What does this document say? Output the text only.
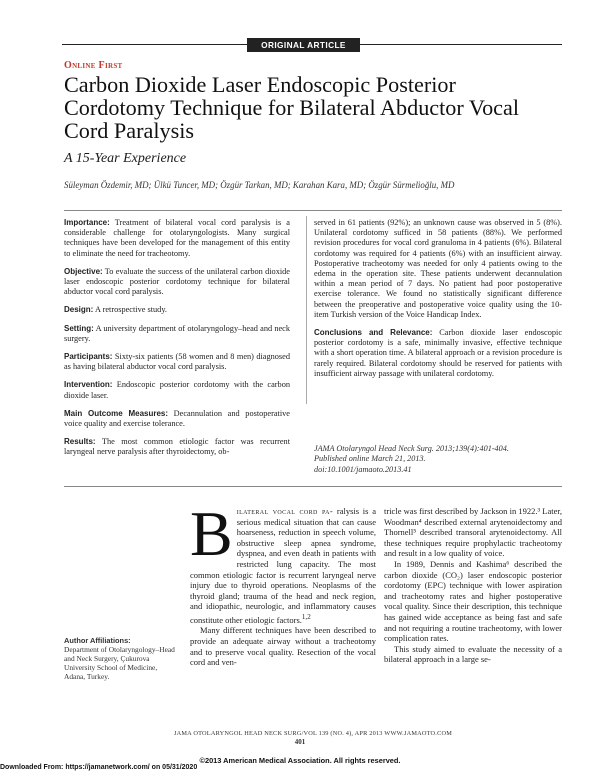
ORIGINAL ARTICLE
Online First
Carbon Dioxide Laser Endoscopic Posterior Cordotomy Technique for Bilateral Abductor Vocal Cord Paralysis
A 15-Year Experience
Süleyman Özdemir, MD; Ülkü Tuncer, MD; Özgür Tarkan, MD; Karahan Kara, MD; Özgür Sürmelioğlu, MD

Importance: Treatment of bilateral vocal cord paralysis is a considerable challenge for otolaryngologists. Many surgical techniques have been developed for the management of this entity to eliminate the need for tracheotomy.

Objective: To evaluate the success of the unilateral carbon dioxide laser endoscopic posterior cordotomy technique for bilateral abductor vocal cord paralysis.

Design: A retrospective study.

Setting: A university department of otolaryngology–head and neck surgery.

Participants: Sixty-six patients (58 women and 8 men) diagnosed as having bilateral abductor vocal cord paralysis.

Intervention: Endoscopic posterior cordotomy with the carbon dioxide laser.

Main Outcome Measures: Decannulation and postoperative voice quality and exercise tolerance.

Results: The most common etiologic factor was recurrent laryngeal nerve paralysis after thyroidectomy, ob-

served in 61 patients (92%); an unknown cause was observed in 5 (8%). Unilateral cordotomy sufficed in 58 patients (88%). We performed revision procedures for vocal cord granuloma in 4 patients (6%). Bilateral cordotomy was required for 4 patients (6%) with an insufficient airway. Postoperative tracheotomy was needed for only 4 patients owing to the edema in the operation site. These patients underwent decannulation within a mean period of 7 days. No patient had poor postoperative exercise tolerance. We found no statistically significant difference between the preoperative and postoperative voice quality using the 10-item Turkish version of the Voice Handicap Index.

Conclusions and Relevance: Carbon dioxide laser endoscopic posterior cordotomy is a safe, minimally invasive, effective technique with a short operation time. A bilateral approach or a revision procedure is rarely required. Bilateral cordotomy should be reserved for patients with insufficient airway passage with unilateral cordotomy.

JAMA Otolaryngol Head Neck Surg. 2013;139(4):401-404.
Published online March 21, 2013.
doi:10.1001/jamaoto.2013.41
Author Affiliations:
Department of Otolaryngology–Head and Neck Surgery, Çukurova University School of Medicine, Adana, Turkey.
B ilateral vocal cord pa- ralysis is a serious medical situation that can cause hoarseness, reduction in speech volume, obstructive sleep apnea syndrome, dyspnea, and even death in patients with restricted lung capacity. The most common etiologic factor is recurrent laryngeal nerve injury due to thyroid operations. Neoplasms of the thyroid gland; trauma of the head and neck region, and idiopathic, neurologic, and inflammatory causes constitute other etiologic factors.$^{1,2}$

Many different techniques have been described to provide an adequate airway without a tracheotomy and to preserve vocal quality. Resection of the vocal cord and ven-

tricle was first described by Jackson in 1922.³ Later, Woodman⁴ described external arytenoidectomy and Thornell⁵ described transoral arytenoidectomy. All these techniques require prophylactic tracheotomy and result in a low quality of voice.

In 1989, Dennis and Kashima⁶ described the carbon dioxide (CO₂) laser endoscopic posterior cordotomy (EPC) technique with lower aspiration and tracheotomy rates and higher postoperative vocal quality. Since their description, this technique has gained wide acceptance as being fast and safe and not requiring a routine tracheotomy, with lower complication rates.

This study aimed to evaluate the necessity of a bilateral approach in a large se-

JAMA OTOLARYNGOL HEAD NECK SURG/VOL 139 (NO. 4), APR 2013 WWW.JAMAOTO.COM
401
©2013 American Medical Association. All rights reserved.
Downloaded From: https://jamanetwork.com/ on 05/31/2020
